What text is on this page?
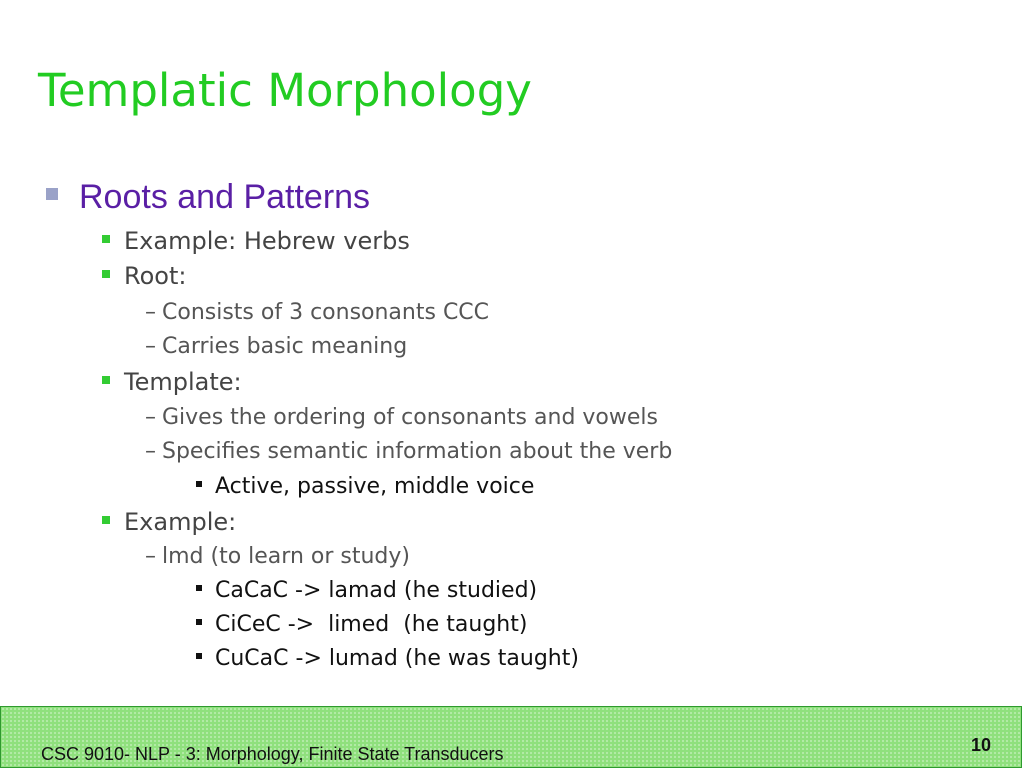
Templatic Morphology
Roots and Patterns
Example: Hebrew verbs
Root:
– Consists of 3 consonants CCC
– Carries basic meaning
Template:
– Gives the ordering of consonants and vowels
– Specifies semantic information about the verb
Active, passive, middle voice
Example:
– lmd (to learn or study)
CaCaC -> lamad (he studied)
CiCeC ->  limed  (he taught)
CuCaC -> lumad (he was taught)
CSC 9010- NLP - 3: Morphology, Finite State Transducers	10
